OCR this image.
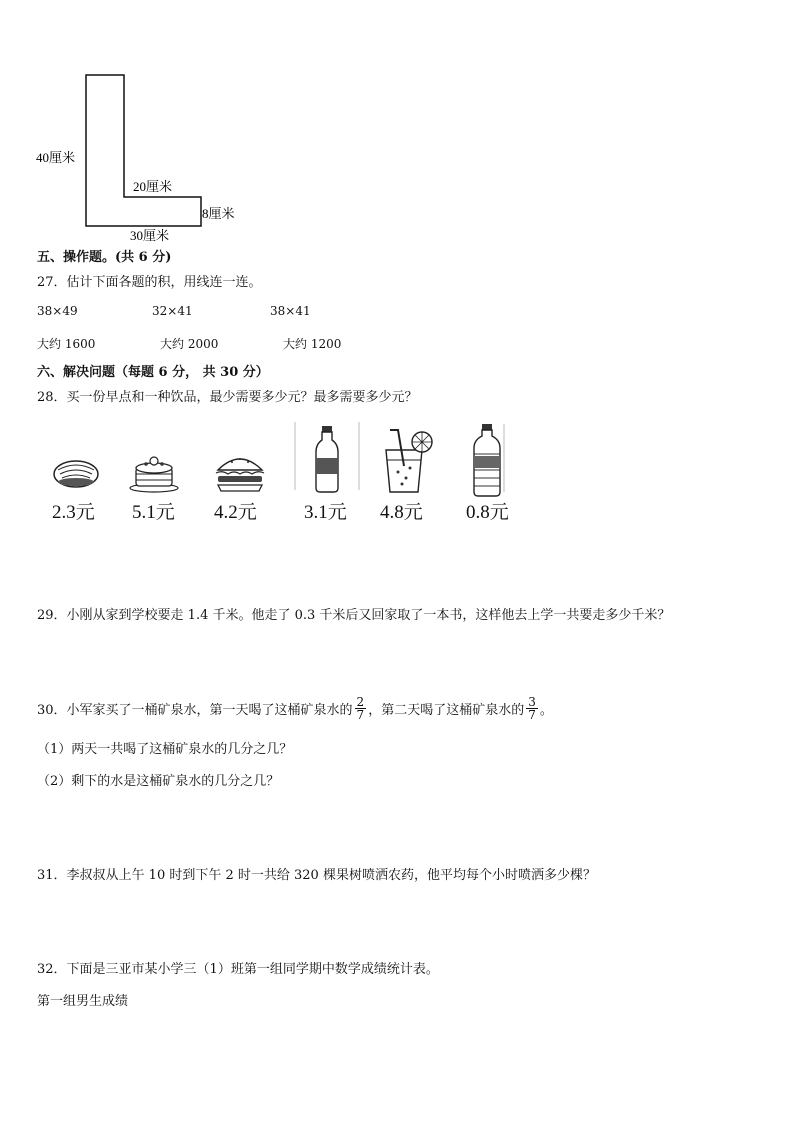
40厘米
20厘米
8厘米
30厘米
五、操作题。(共 6 分)
27．估计下面各题的积，用线连一连。
38×49	32×41	38×41
大约 1600	大约 2000	大约 1200
六、解决问题（每题 6 分， 共 30 分）
28．买一份早点和一种饮品，最少需要多少元？最多需要多少元？
2.3元 5.1元 4.2元 3.1元 4.8元 0.8元
29．小刚从家到学校要走 1.4 千米。他走了 0.3 千米后又回家取了一本书，这样他去上学一共要走多少千米？
30．小军家买了一桶矿泉水，第一天喝了这桶矿泉水的 $\frac{2}{7}$ ，第二天喝了这桶矿泉水的 $\frac{3}{7}$ 。
（1）两天一共喝了这桶矿泉水的几分之几？
（2）剩下的水是这桶矿泉水的几分之几？
31．李叔叔从上午 10 时到下午 2 时一共给 320 棵果树喷洒农药，他平均每个小时喷洒多少棵？
32．下面是三亚市某小学三（1）班第一组同学期中数学成绩统计表。
第一组男生成绩
